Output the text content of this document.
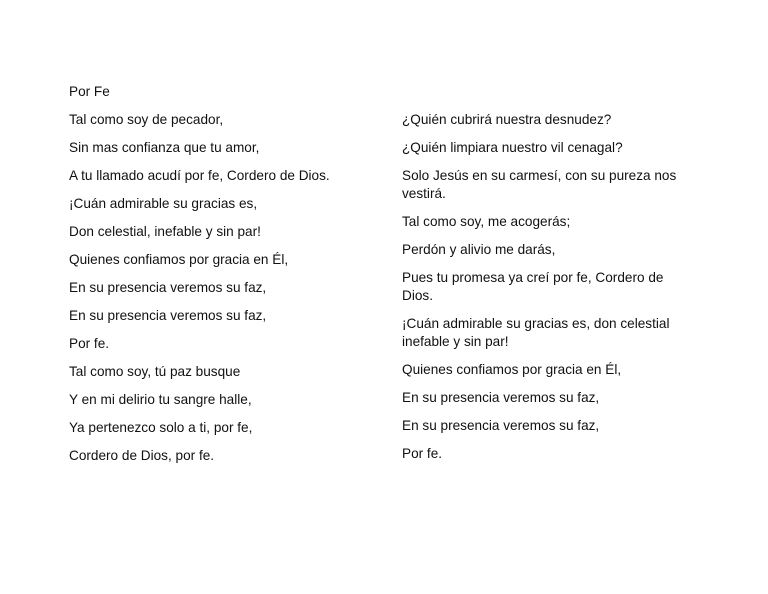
Por Fe

Tal como soy de pecador,

Sin mas confianza que tu amor,

A tu llamado acudí por fe, Cordero de Dios.

¡Cuán admirable su gracias es,

Don celestial, inefable y sin par!

Quienes confiamos por gracia en Él,

En su presencia veremos su faz,

En su presencia veremos su faz,

Por fe.

Tal como soy, tú paz busque

Y en mi delirio tu sangre halle,

Ya pertenezco solo a ti, por fe,

Cordero de Dios, por fe.

¿Quién cubrirá nuestra desnudez?

¿Quién limpiara nuestro vil cenagal?

Solo Jesús en su carmesí, con su pureza nos vestirá.

Tal como soy, me acogerás;

Perdón y alivio me darás,

Pues tu promesa ya creí por fe, Cordero de Dios.

¡Cuán admirable su gracias es, don celestial inefable y sin par!

Quienes confiamos por gracia en Él,

En su presencia veremos su faz,

En su presencia veremos su faz,

Por fe.
